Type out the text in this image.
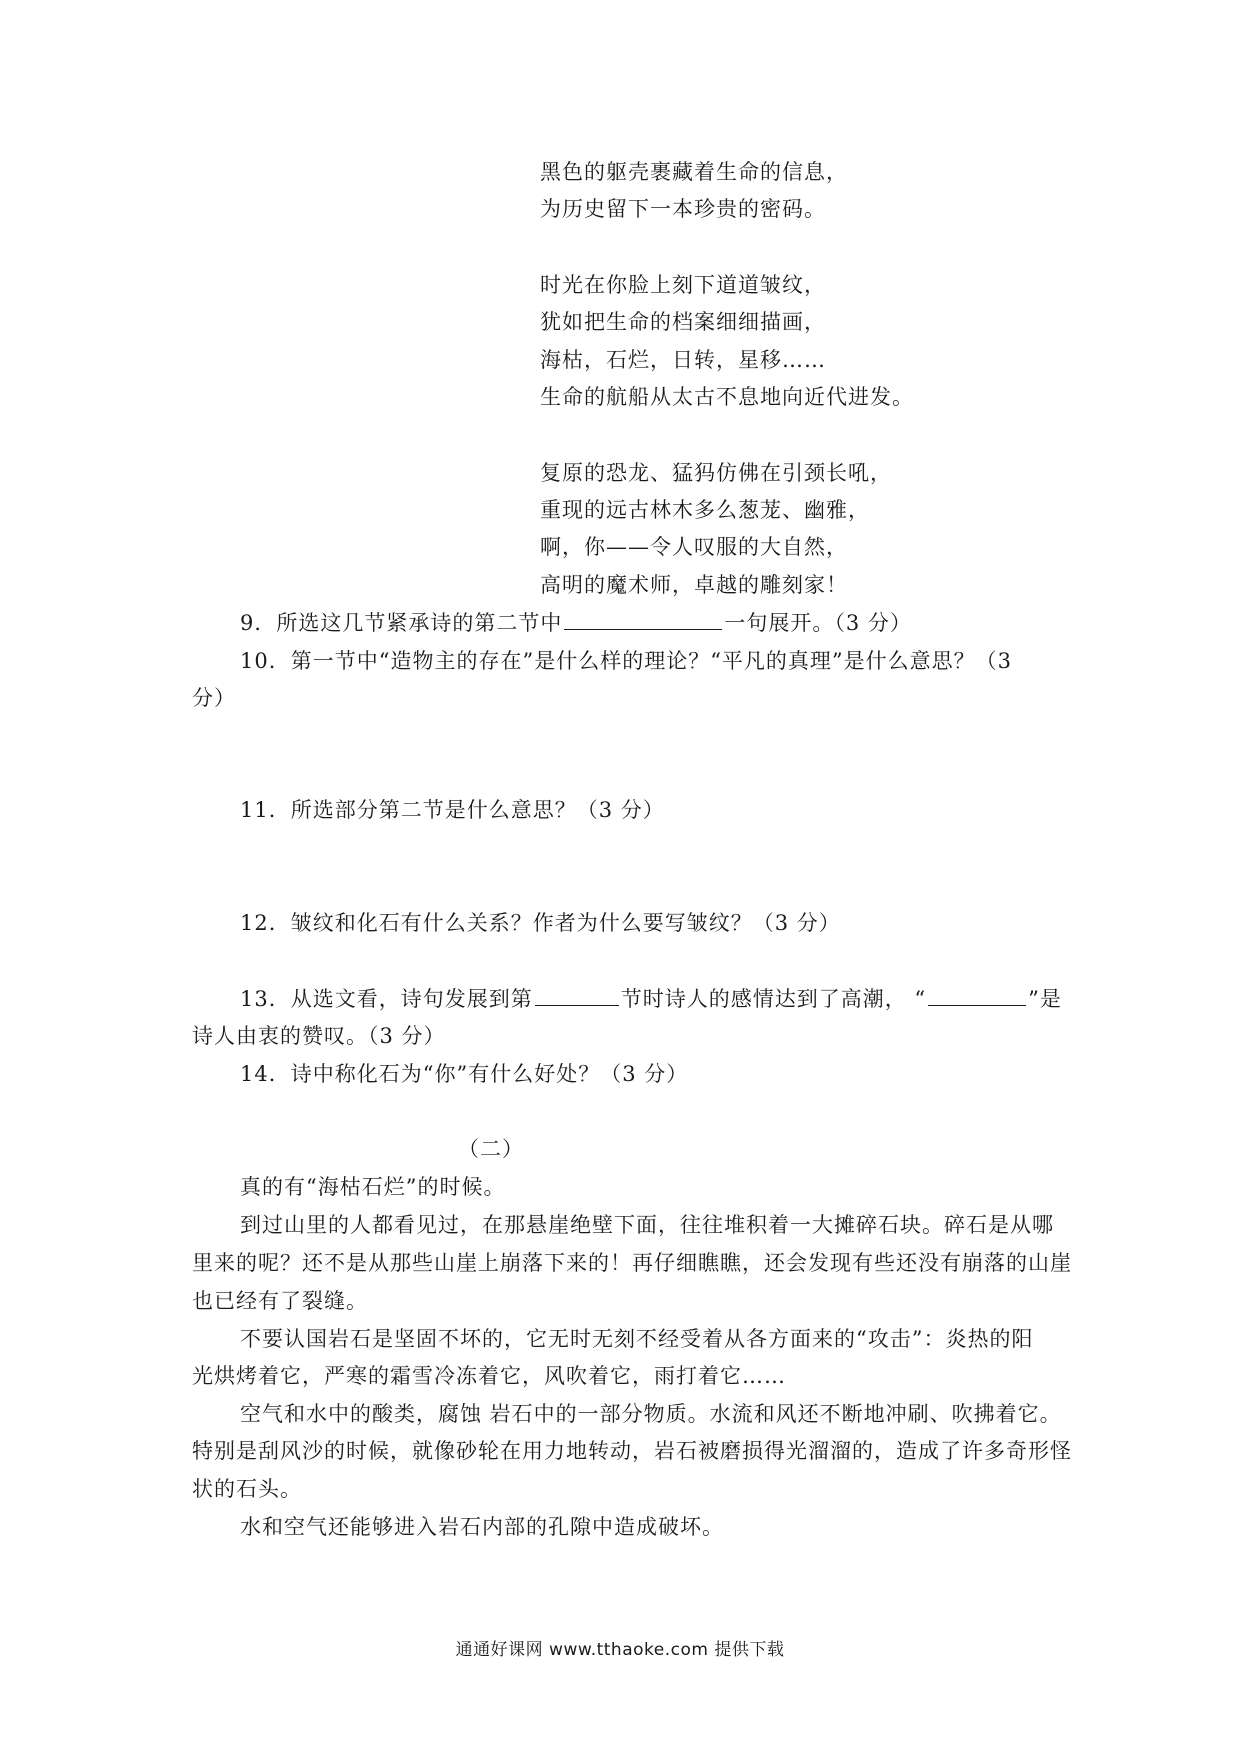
黑色的躯壳裹藏着生命的信息，
为历史留下一本珍贵的密码。
时光在你脸上刻下道道皱纹，
犹如把生命的档案细细描画，
海枯，石烂，日转，星移……
生命的航船从太古不息地向近代进发。
复原的恐龙、猛犸仿佛在引颈长吼，
重现的远古林木多么葱茏、幽雅，
啊，你——令人叹服的大自然，
高明的魔术师，卓越的雕刻家！
9．所选这几节紧承诗的第二节中	一句展开。（3 分）
10．第一节中“造物主的存在”是什么样的理论？“平凡的真理”是什么意思？（3
分）
11．所选部分第二节是什么意思？（3 分）
12．皱纹和化石有什么关系？作者为什么要写皱纹？（3 分）
13．从选文看，诗句发展到第	节时诗人的感情达到了高潮， “	”是
诗人由衷的赞叹。（3 分）
14．诗中称化石为“你”有什么好处？（3 分）
（二）
真的有“海枯石烂”的时候。
到过山里的人都看见过，在那悬崖绝壁下面，往往堆积着一大摊碎石块。碎石是从哪
里来的呢？还不是从那些山崖上崩落下来的！再仔细瞧瞧，还会发现有些还没有崩落的山崖
也已经有了裂缝。
不要认国岩石是坚固不坏的，它无时无刻不经受着从各方面来的“攻击”：炎热的阳
光烘烤着它，严寒的霜雪冷冻着它，风吹着它，雨打着它……
空气和水中的酸类，腐蚀 岩石中的一部分物质。水流和风还不断地冲刷、吹拂着它。
特别是刮风沙的时候，就像砂轮在用力地转动，岩石被磨损得光溜溜的，造成了许多奇形怪
状的石头。
水和空气还能够进入岩石内部的孔隙中造成破坏。
通通好课网 www.tthaoke.com 提供下载
